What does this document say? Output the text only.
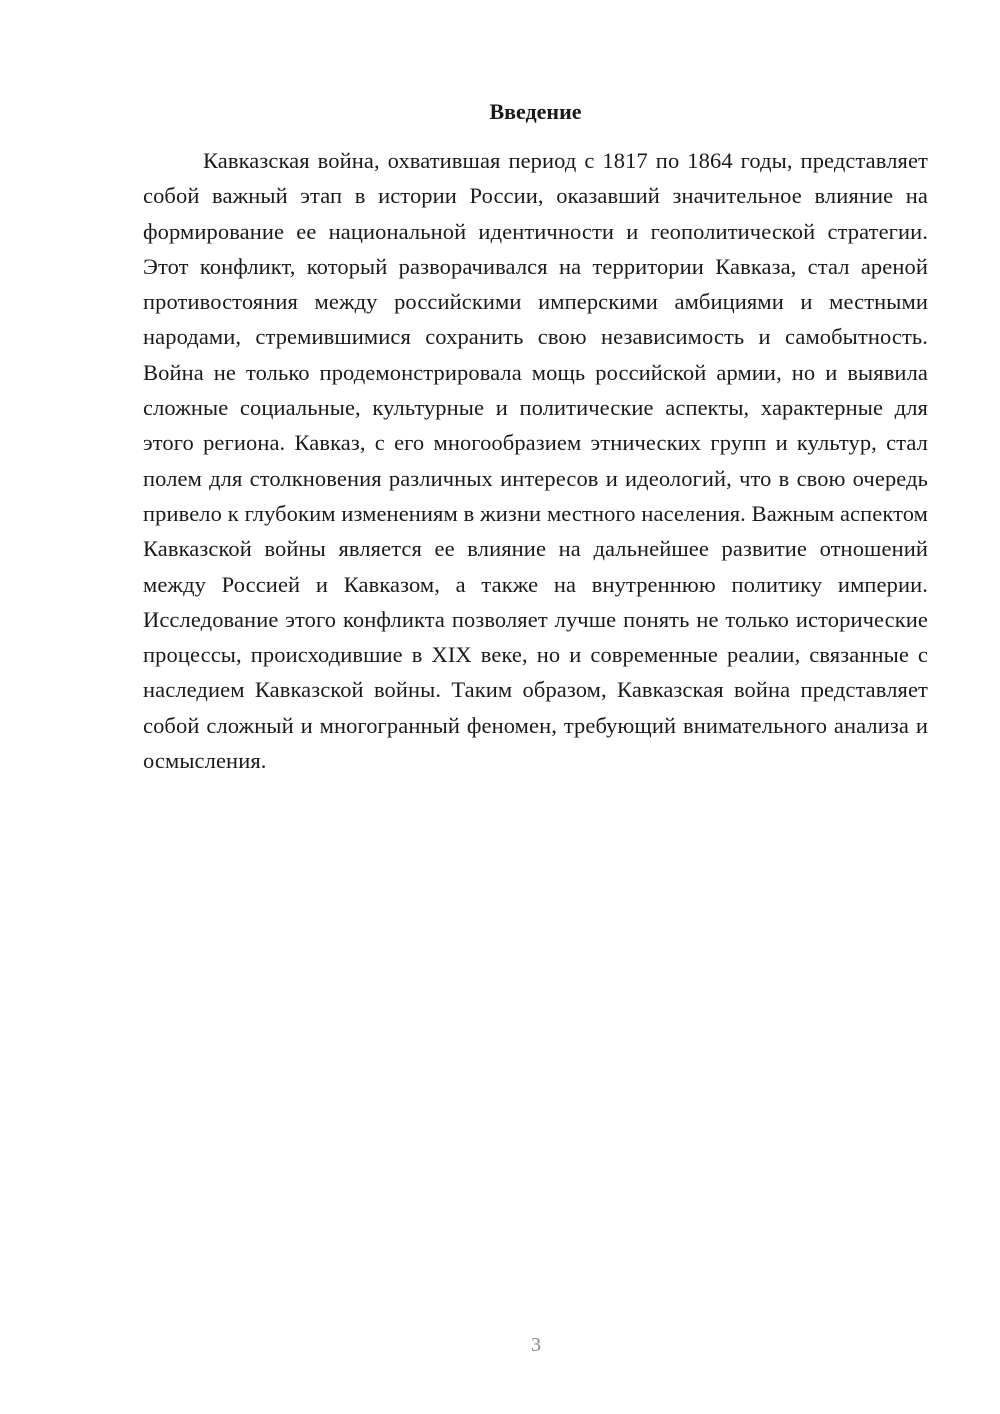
Введение

Кавказская война, охватившая период с 1817 по 1864 годы, представляет собой важный этап в истории России, оказавший значительное влияние на формирование ее национальной идентичности и геополитической стратегии. Этот конфликт, который разворачивался на территории Кавказа, стал ареной противостояния между российскими имперскими амбициями и местными народами, стремившимися сохранить свою независимость и самобытность. Война не только продемонстрировала мощь российской армии, но и выявила сложные социальные, культурные и политические аспекты, характерные для этого региона. Кавказ, с его многообразием этнических групп и культур, стал полем для столкновения различных интересов и идеологий, что в свою очередь привело к глубоким изменениям в жизни местного населения. Важным аспектом Кавказской войны является ее влияние на дальнейшее развитие отношений между Россией и Кавказом, а также на внутреннюю политику империи. Исследование этого конфликта позволяет лучше понять не только исторические процессы, происходившие в XIX веке, но и современные реалии, связанные с наследием Кавказской войны. Таким образом, Кавказская война представляет собой сложный и многогранный феномен, требующий внимательного анализа и осмысления.

3
